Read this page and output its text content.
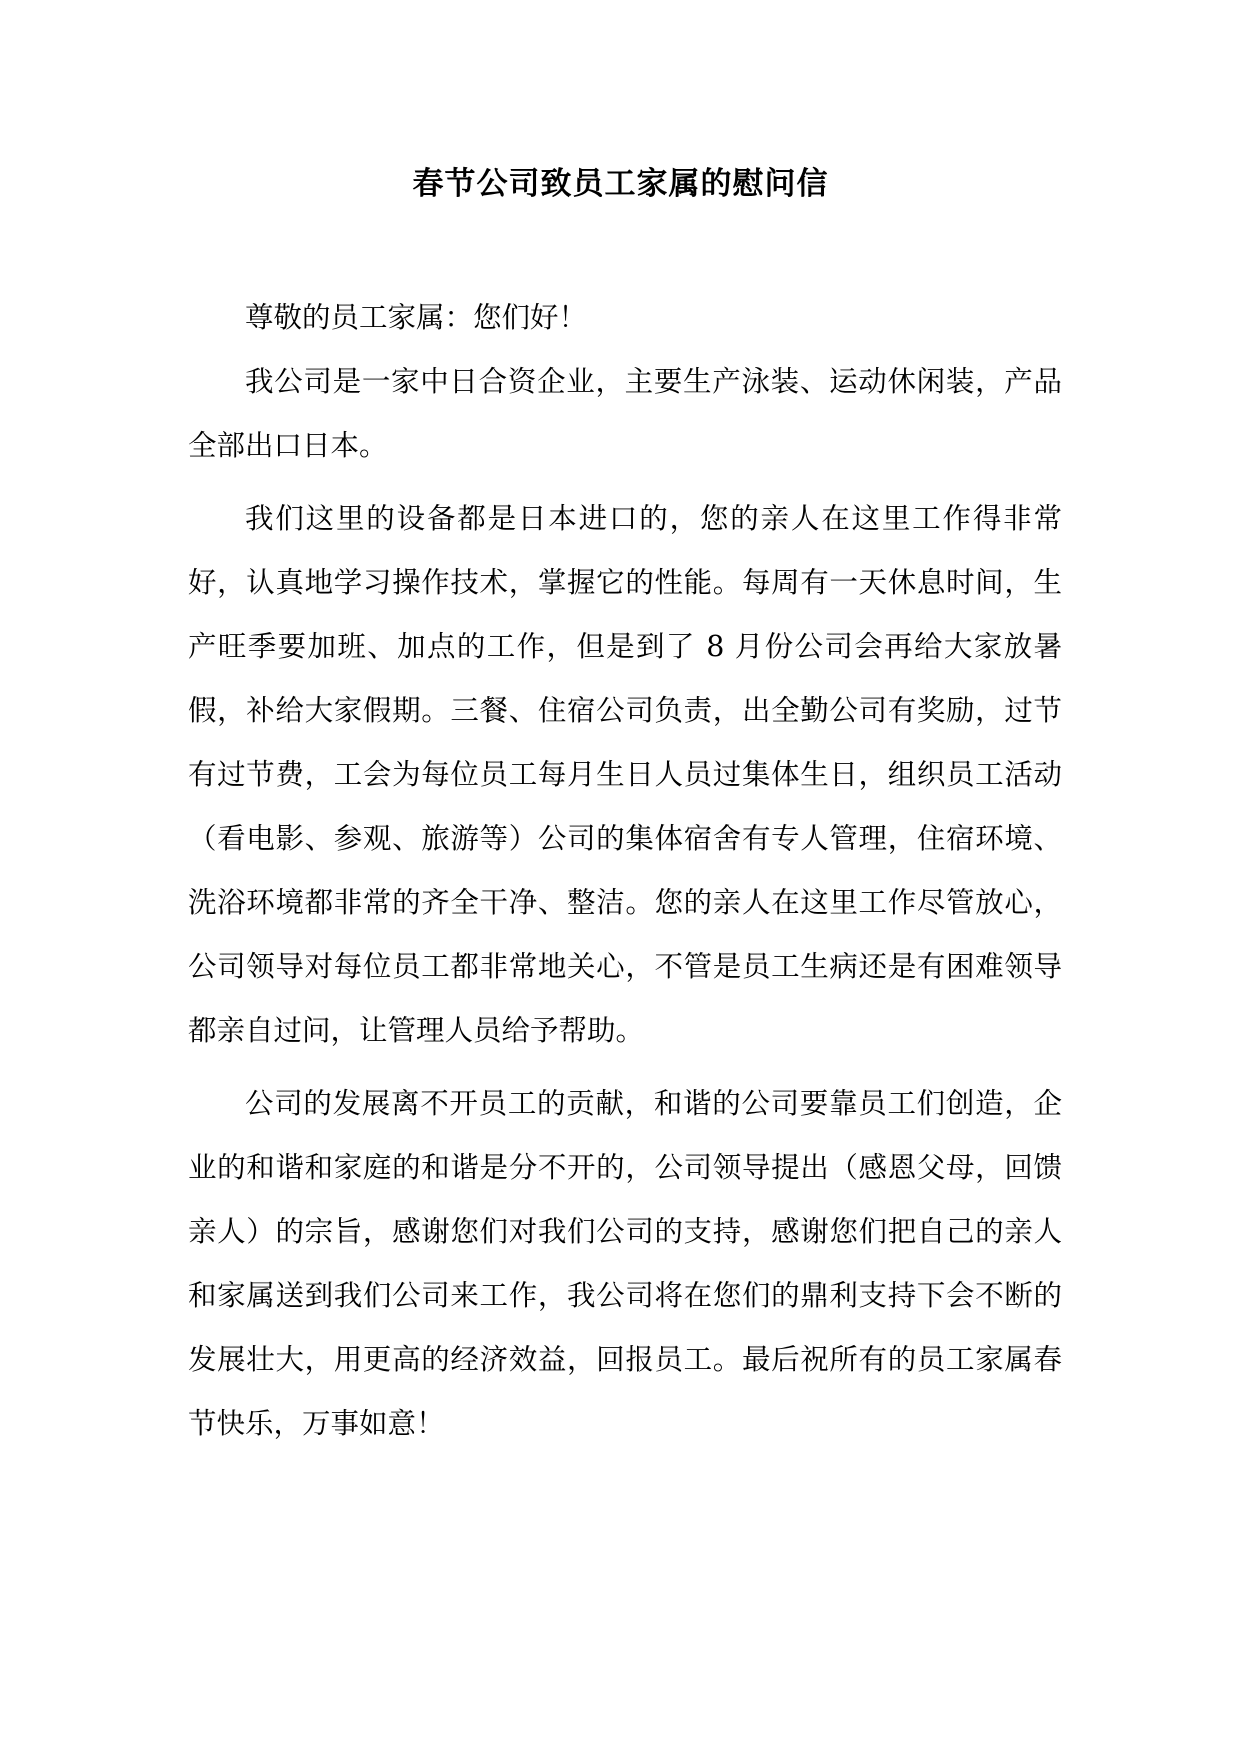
春节公司致员工家属的慰问信

尊敬的员工家属：您们好！

我公司是一家中日合资企业，主要生产泳装、运动休闲装，产品全部出口日本。

我们这里的设备都是日本进口的，您的亲人在这里工作得非常好，认真地学习操作技术，掌握它的性能。每周有一天休息时间，生产旺季要加班、加点的工作，但是到了 8 月份公司会再给大家放暑假，补给大家假期。三餐、住宿公司负责，出全勤公司有奖励，过节有过节费，工会为每位员工每月生日人员过集体生日，组织员工活动（看电影、参观、旅游等）公司的集体宿舍有专人管理，住宿环境、洗浴环境都非常的齐全干净、整洁。您的亲人在这里工作尽管放心，公司领导对每位员工都非常地关心，不管是员工生病还是有困难领导都亲自过问，让管理人员给予帮助。

公司的发展离不开员工的贡献，和谐的公司要靠员工们创造，企业的和谐和家庭的和谐是分不开的，公司领导提出（感恩父母，回馈亲人）的宗旨，感谢您们对我们公司的支持，感谢您们把自己的亲人和家属送到我们公司来工作，我公司将在您们的鼎利支持下会不断的发展壮大，用更高的经济效益，回报员工。最后祝所有的员工家属春节快乐，万事如意！
